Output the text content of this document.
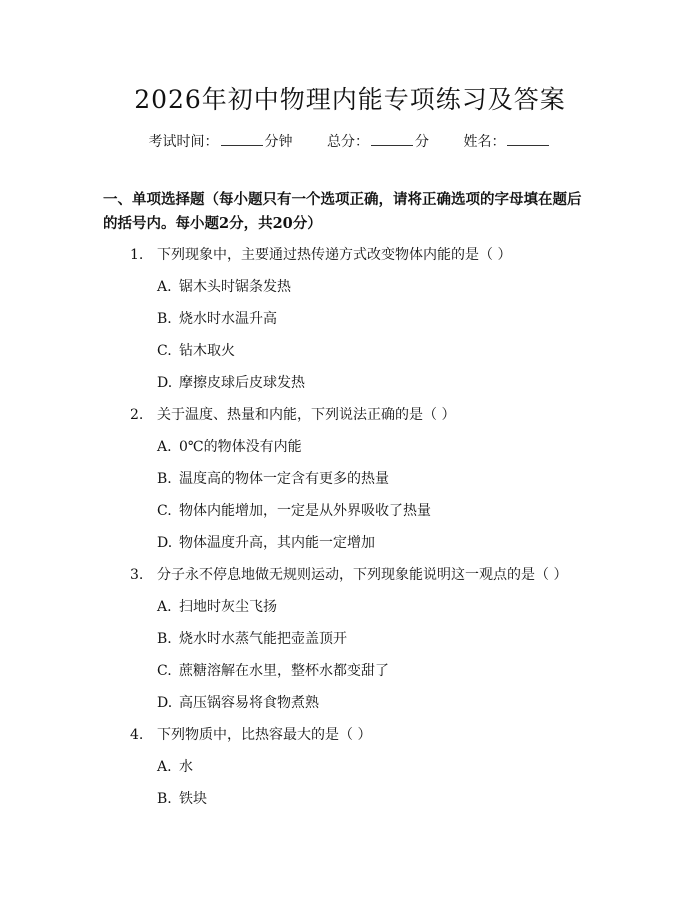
2026年初中物理内能专项练习及答案
考试时间：	分钟 总分：	分 姓名：
一、单项选择题（每小题只有一个选项正确，请将正确选项的字母填在题后的括号内。每小题2分，共20分）
1. 下列现象中，主要通过热传递方式改变物体内能的是（ ）
A. 锯木头时锯条发热
B. 烧水时水温升高
C. 钻木取火
D. 摩擦皮球后皮球发热
2. 关于温度、热量和内能，下列说法正确的是（ ）
A. 0℃的物体没有内能
B. 温度高的物体一定含有更多的热量
C. 物体内能增加，一定是从外界吸收了热量
D. 物体温度升高，其内能一定增加
3. 分子永不停息地做无规则运动，下列现象能说明这一观点的是（ ）
A. 扫地时灰尘飞扬
B. 烧水时水蒸气能把壶盖顶开
C. 蔗糖溶解在水里，整杯水都变甜了
D. 高压锅容易将食物煮熟
4. 下列物质中，比热容最大的是（ ）
A. 水
B. 铁块
